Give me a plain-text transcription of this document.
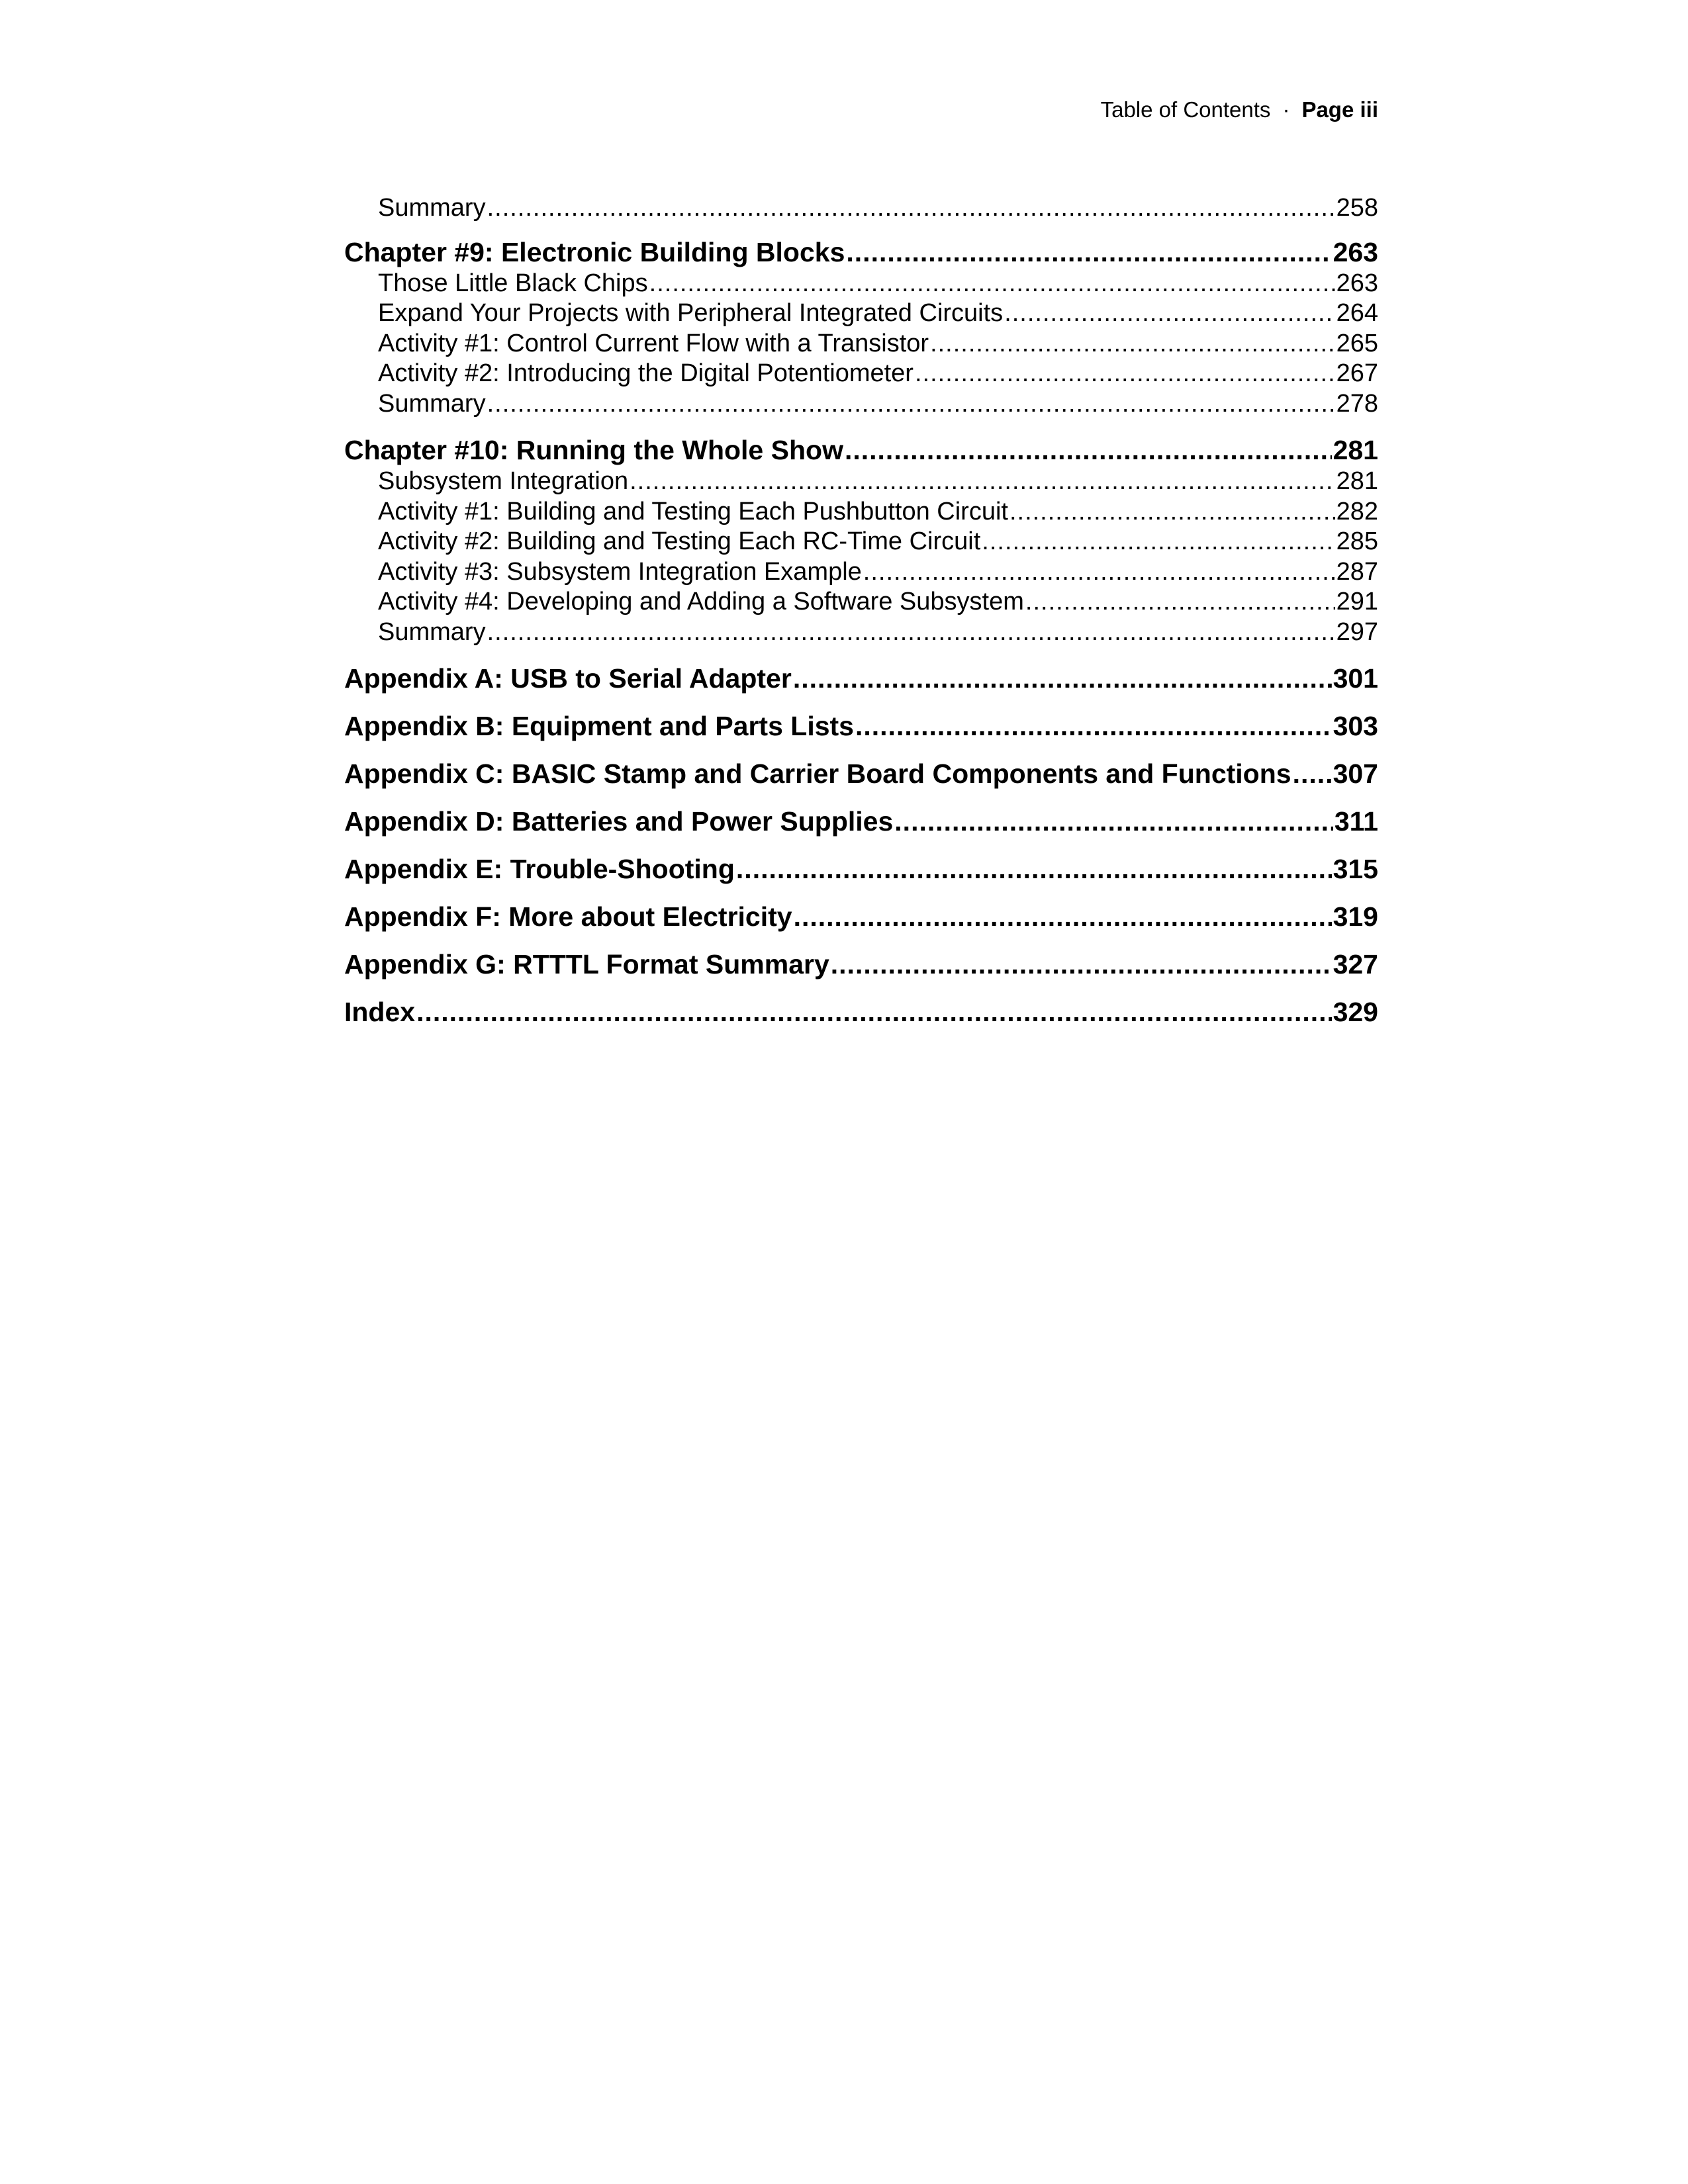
Table of Contents · Page iii
Summary .....	258
Chapter #9: Electronic Building Blocks .....	263
Those Little Black Chips .....	263
Expand Your Projects with Peripheral Integrated Circuits .....	264
Activity #1: Control Current Flow with a Transistor .....	265
Activity #2: Introducing the Digital Potentiometer .....	267
Summary .....	278
Chapter #10: Running the Whole Show .....	281
Subsystem Integration .....	281
Activity #1: Building and Testing Each Pushbutton Circuit .....	282
Activity #2: Building and Testing Each RC-Time Circuit .....	285
Activity #3: Subsystem Integration Example .....	287
Activity #4: Developing and Adding a Software Subsystem .....	291
Summary .....	297
Appendix A: USB to Serial Adapter .....	301
Appendix B: Equipment and Parts Lists .....	303
Appendix C: BASIC Stamp and Carrier Board Components and Functions ..... 307
Appendix D: Batteries and Power Supplies .....	311
Appendix E: Trouble-Shooting .....	315
Appendix F: More about Electricity .....	319
Appendix G: RTTTL Format Summary .....	327
Index .....	329
